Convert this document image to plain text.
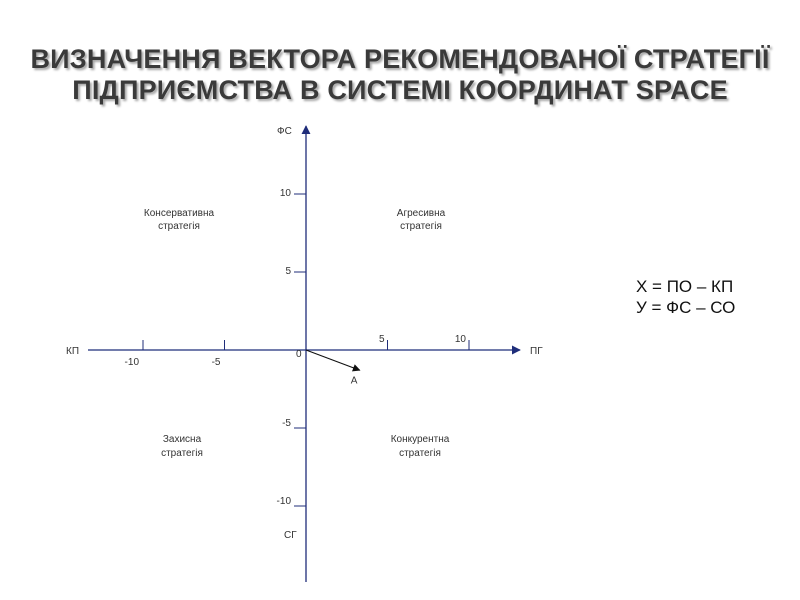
ВИЗНАЧЕННЯ ВЕКТОРА РЕКОМЕНДОВАНОЇ СТРАТЕГІЇ
ПІДПРИЄМСТВА В СИСТЕМІ КООРДИНАТ SPACE
ФС
СГ
КП	ПГ
0
-10	-5
5	10
10
5
-5
-10
Консервативна
стратегія
Агресивна
стратегія
Захисна
стратегія
Конкурентна
стратегія
А
Х = ПО – КП
У = ФС – СО
